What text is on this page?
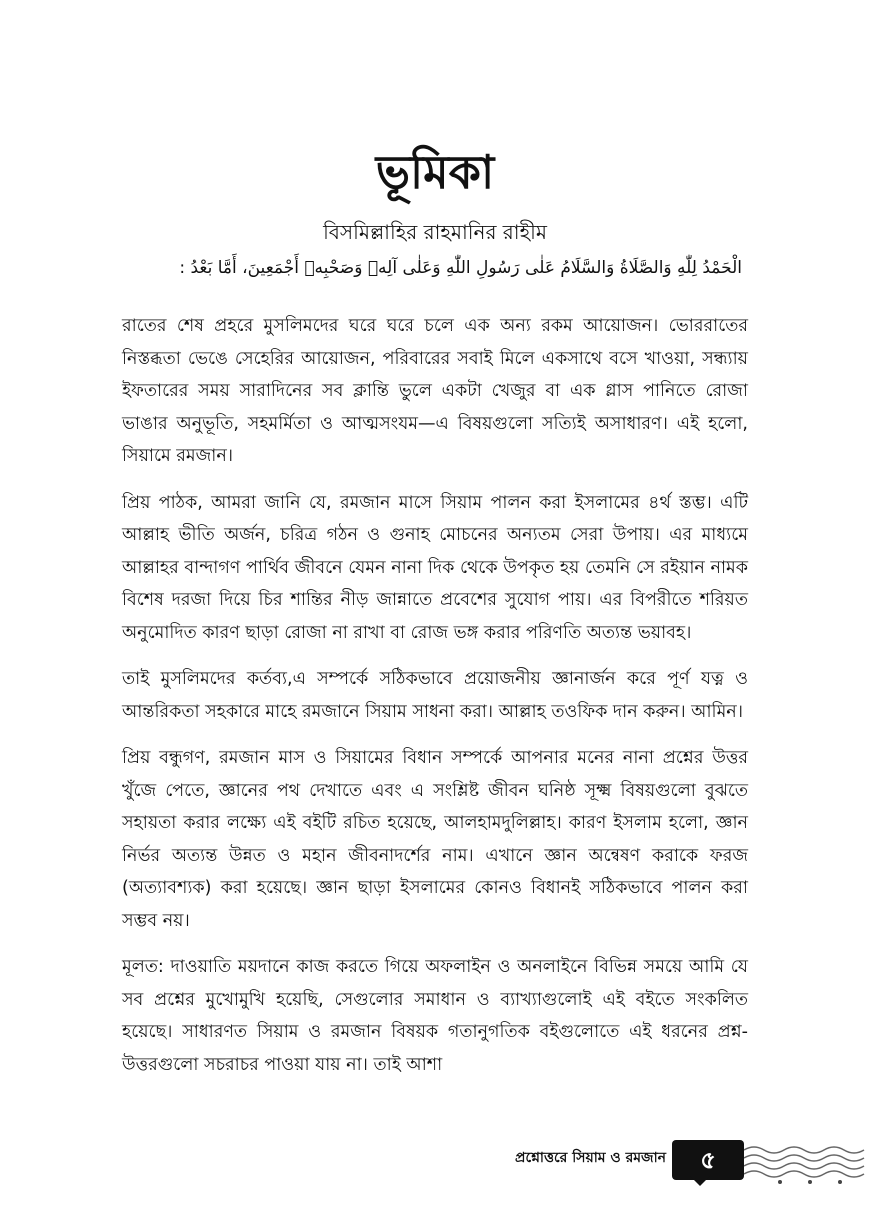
ভূমিকা
বিসমিল্লাহির রাহমানির রাহীম
الْحَمْدُ لِلّٰهِ وَالصَّلَاةُ وَالسَّلَامُ عَلٰى رَسُولِ اللّٰهِ وَعَلٰى آلِهٖ وَصَحْبِهٖ أَجْمَعِينَ، أَمَّا بَعْدُ :

রাতের শেষ প্রহরে মুসলিমদের ঘরে ঘরে চলে এক অন্য রকম আয়োজন। ভোররাতের নিস্তব্ধতা ভেঙে সেহেরির আয়োজন, পরিবারের সবাই মিলে একসাথে বসে খাওয়া, সন্ধ্যায় ইফতারের সময় সারাদিনের সব ক্লান্তি ভুলে একটা খেজুর বা এক গ্লাস পানিতে রোজা ভাঙার অনুভূতি, সহমর্মিতা ও আত্মসংযম—এ বিষয়গুলো সত্যিই অসাধারণ। এই হলো, সিয়ামে রমজান।

প্রিয় পাঠক, আমরা জানি যে, রমজান মাসে সিয়াম পালন করা ইসলামের ৪র্থ স্তম্ভ। এটি আল্লাহ ভীতি অর্জন, চরিত্র গঠন ও গুনাহ মোচনের অন্যতম সেরা উপায়। এর মাধ্যমে আল্লাহর বান্দাগণ পার্থিব জীবনে যেমন নানা দিক থেকে উপকৃত হয় তেমনি সে রইয়ান নামক বিশেষ দরজা দিয়ে চির শান্তির নীড় জান্নাতে প্রবেশের সুযোগ পায়। এর বিপরীতে শরিয়ত অনুমোদিত কারণ ছাড়া রোজা না রাখা বা রোজ ভঙ্গ করার পরিণতি অত্যন্ত ভয়াবহ।

তাই মুসলিমদের কর্তব্য,এ সম্পর্কে সঠিকভাবে প্রয়োজনীয় জ্ঞানার্জন করে পূর্ণ যত্ন ও আন্তরিকতা সহকারে মাহে রমজানে সিয়াম সাধনা করা। আল্লাহ তওফিক দান করুন। আমিন।

প্রিয় বন্ধুগণ, রমজান মাস ও সিয়ামের বিধান সম্পর্কে আপনার মনের নানা প্রশ্নের উত্তর খুঁজে পেতে, জ্ঞানের পথ দেখাতে এবং এ সংশ্লিষ্ট জীবন ঘনিষ্ঠ সূক্ষ্ম বিষয়গুলো বুঝতে সহায়তা করার লক্ষ্যে এই বইটি রচিত হয়েছে, আলহামদুলিল্লাহ। কারণ ইসলাম হলো, জ্ঞান নির্ভর অত্যন্ত উন্নত ও মহান জীবনাদর্শের নাম। এখানে জ্ঞান অন্বেষণ করাকে ফরজ (অত্যাবশ্যক) করা হয়েছে। জ্ঞান ছাড়া ইসলামের কোনও বিধানই সঠিকভাবে পালন করা সম্ভব নয়।

মূলত: দাওয়াতি ময়দানে কাজ করতে গিয়ে অফলাইন ও অনলাইনে বিভিন্ন সময়ে আমি যে সব প্রশ্নের মুখোমুখি হয়েছি, সেগুলোর সমাধান ও ব্যাখ্যাগুলোই এই বইতে সংকলিত হয়েছে। সাধারণত সিয়াম ও রমজান বিষয়ক গতানুগতিক বইগুলোতে এই ধরনের প্রশ্ন-উত্তরগুলো সচরাচর পাওয়া যায় না। তাই আশা

প্রশ্নোত্তরে সিয়াম ও রমজান	৫
